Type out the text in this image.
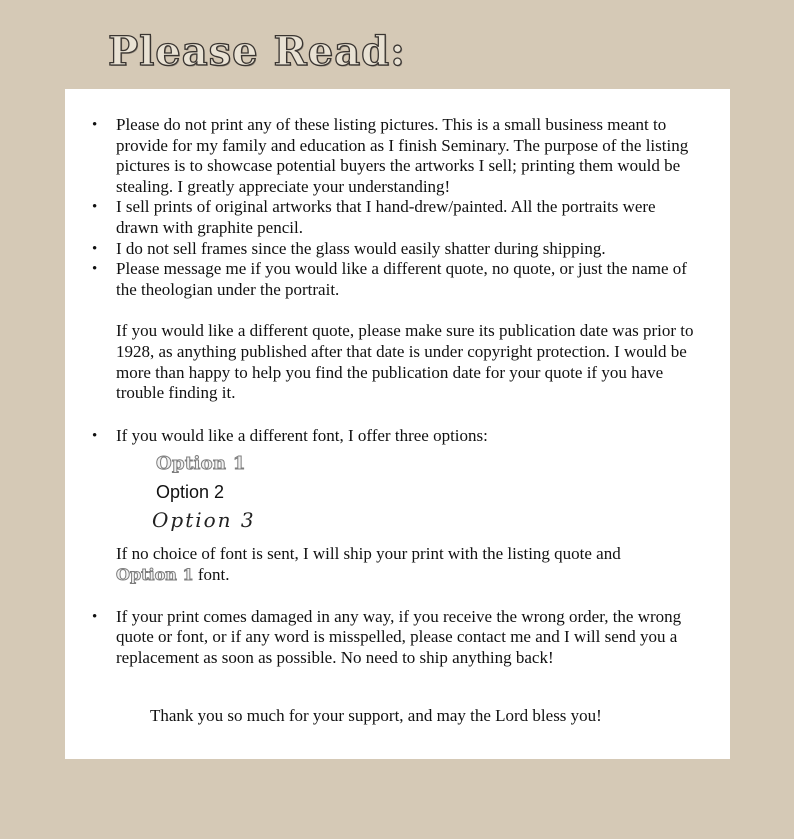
Please Read:
• Please do not print any of these listing pictures. This is a small business meant to provide for my family and education as I finish Seminary. The purpose of the listing pictures is to showcase potential buyers the artworks I sell; printing them would be stealing. I greatly appreciate your understanding!

• I sell prints of original artworks that I hand-drew/painted. All the portraits were drawn with graphite pencil.

• I do not sell frames since the glass would easily shatter during shipping.

• Please message me if you would like a different quote, no quote, or just the name of the theologian under the portrait.

If you would like a different quote, please make sure its publication date was prior to 1928, as anything published after that date is under copyright protection. I would be more than happy to help you find the publication date for your quote if you have trouble finding it.

• If you would like a different font, I offer three options:

Option 1
Option 2
Option 3

If no choice of font is sent, I will ship your print with the listing quote and
Option 1 font.

• If your print comes damaged in any way, if you receive the wrong order, the wrong quote or font, or if any word is misspelled, please contact me and I will send you a replacement as soon as possible. No need to ship anything back!

Thank you so much for your support, and may the Lord bless you!
